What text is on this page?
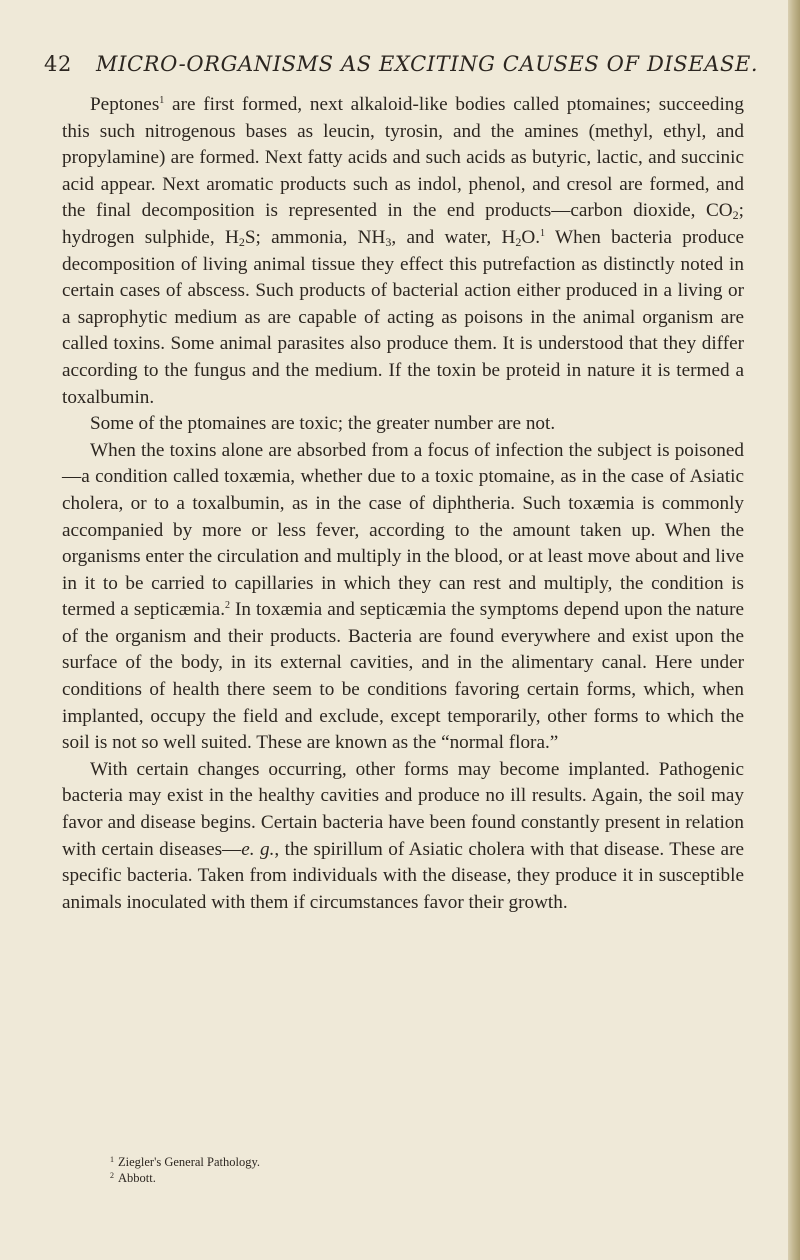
42 MICRO-ORGANISMS AS EXCITING CAUSES OF DISEASE.

Peptones$^1$ are first formed, next alkaloid-like bodies called ptomaines; succeeding this such nitrogenous bases as leucin, tyrosin, and the amines (methyl, ethyl, and propylamine) are formed. Next fatty acids and such acids as butyric, lactic, and succinic acid appear. Next aromatic products such as indol, phenol, and cresol are formed, and the final decomposition is represented in the end products—carbon dioxide, $CO_2$; hydrogen sulphide, $H_2S$; ammonia, $NH_3$, and water, $H_2O.^1$ When bacteria produce decomposition of living animal tissue they effect this putrefaction as distinctly noted in certain cases of abscess. Such products of bacterial action either produced in a living or a saprophytic medium as are capable of acting as poisons in the animal organism are called toxins. Some animal parasites also produce them. It is understood that they differ according to the fungus and the medium. If the toxin be proteid in nature it is termed a toxalbumin.

Some of the ptomaines are toxic; the greater number are not.

When the toxins alone are absorbed from a focus of infection the subject is poisoned—a condition called toxæmia, whether due to a toxic ptomaine, as in the case of Asiatic cholera, or to a toxalbumin, as in the case of diphtheria. Such toxæmia is commonly accompanied by more or less fever, according to the amount taken up. When the organisms enter the circulation and multiply in the blood, or at least move about and live in it to be carried to capillaries in which they can rest and multiply, the condition is termed a septicæmia.$^2$ In toxæmia and septicæmia the symptoms depend upon the nature of the organism and their products. Bacteria are found everywhere and exist upon the surface of the body, in its external cavities, and in the alimentary canal. Here under conditions of health there seem to be conditions favoring certain forms, which, when implanted, occupy the field and exclude, except temporarily, other forms to which the soil is not so well suited. These are known as the “normal flora.”

With certain changes occurring, other forms may become implanted. Pathogenic bacteria may exist in the healthy cavities and produce no ill results. Again, the soil may favor and disease begins. Certain bacteria have been found constantly present in relation with certain diseases—e. g., the spirillum of Asiatic cholera with that disease. These are specific bacteria. Taken from individuals with the disease, they produce it in susceptible animals inoculated with them if circumstances favor their growth.

$^1$ Ziegler's General Pathology.
$^2$ Abbott.
